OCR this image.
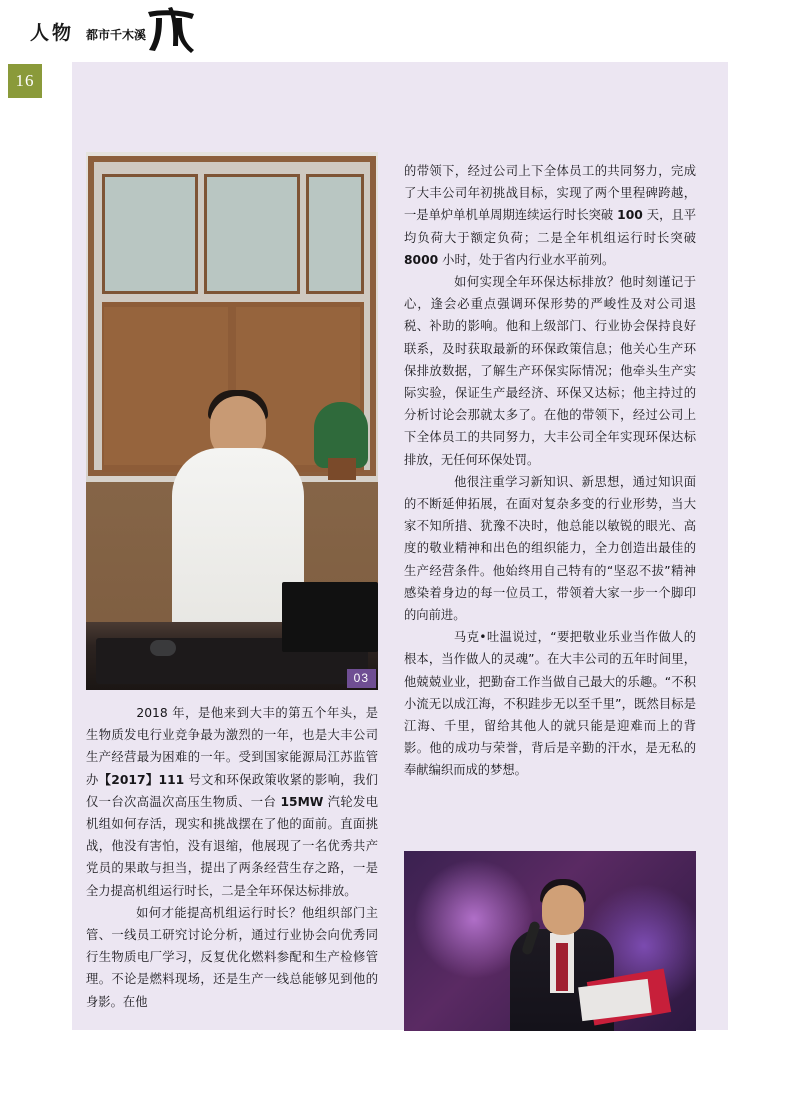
人物 都市千木溪
16
03

　　2018 年，是他来到大丰的第五个年头，是生物质发电行业竞争最为激烈的一年，也是大丰公司生产经营最为困难的一年。受到国家能源局江苏监管办【2017】111 号文和环保政策收紧的影响，我们仅一台次高温次高压生物质、一台 15MW 汽轮发电机组如何存活，现实和挑战摆在了他的面前。直面挑战，他没有害怕，没有退缩，他展现了一名优秀共产党员的果敢与担当，提出了两条经营生存之路，一是全力提高机组运行时长，二是全年环保达标排放。

　　如何才能提高机组运行时长？他组织部门主管、一线员工研究讨论分析，通过行业协会向优秀同行生物质电厂学习，反复优化燃料参配和生产检修管理。不论是燃料现场，还是生产一线总能够见到他的身影。在他

的带领下，经过公司上下全体员工的共同努力，完成了大丰公司年初挑战目标，实现了两个里程碑跨越，一是单炉单机单周期连续运行时长突破 100 天，且平均负荷大于额定负荷；二是全年机组运行时长突破 8000 小时，处于省内行业水平前列。

　　如何实现全年环保达标排放？他时刻谨记于心，逢会必重点强调环保形势的严峻性及对公司退税、补助的影响。他和上级部门、行业协会保持良好联系，及时获取最新的环保政策信息；他关心生产环保排放数据，了解生产环保实际情况；他牵头生产实际实验，保证生产最经济、环保又达标；他主持过的分析讨论会那就太多了。在他的带领下，经过公司上下全体员工的共同努力，大丰公司全年实现环保达标排放，无任何环保处罚。

　　他很注重学习新知识、新思想，通过知识面的不断延伸拓展，在面对复杂多变的行业形势，当大家不知所措、犹豫不决时，他总能以敏锐的眼光、高度的敬业精神和出色的组织能力，全力创造出最佳的生产经营条件。他始终用自己特有的“坚忍不拔”精神感染着身边的每一位员工，带领着大家一步一个脚印的向前进。

　　马克•吐温说过，“要把敬业乐业当作做人的根本，当作做人的灵魂”。在大丰公司的五年时间里，他兢兢业业，把勤奋工作当做自己最大的乐趣。“不积小流无以成江海，不积跬步无以至千里”，既然目标是江海、千里，留给其他人的就只能是迎难而上的背影。他的成功与荣誉，背后是辛勤的汗水，是无私的奉献编织而成的梦想。
